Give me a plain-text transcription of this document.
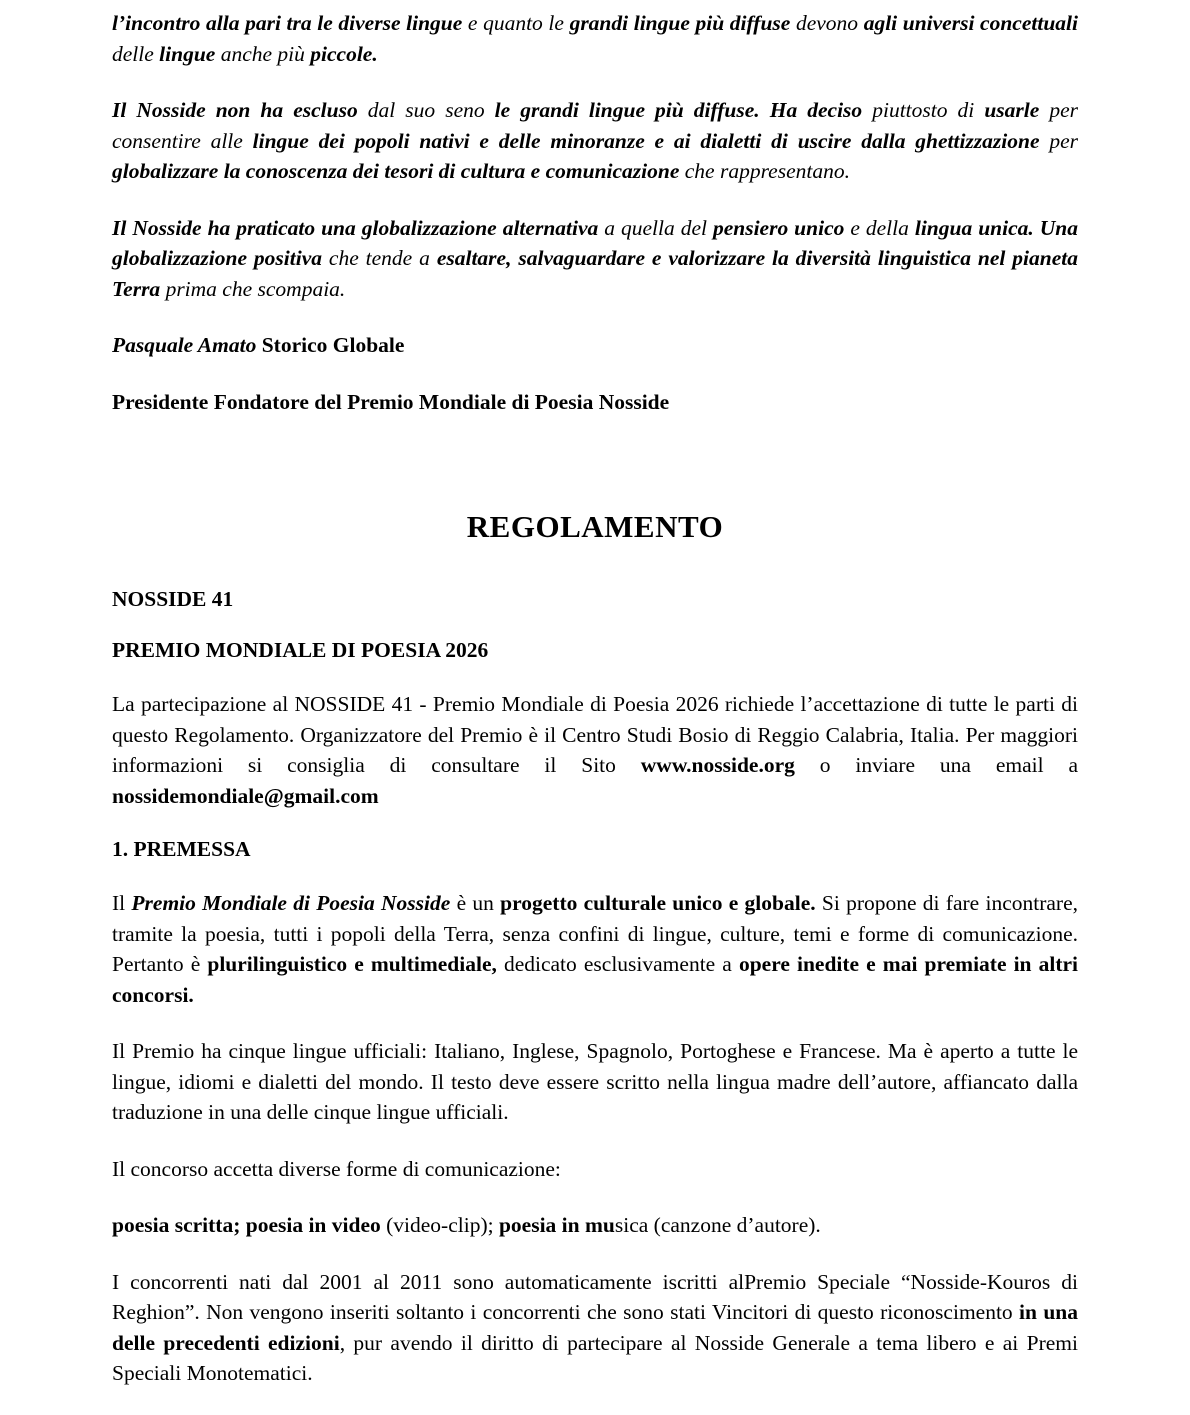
l’incontro alla pari tra le diverse lingue e quanto le grandi lingue più diffuse devono agli universi concettuali delle lingue anche più piccole.

Il Nosside non ha escluso dal suo seno le grandi lingue più diffuse. Ha deciso piuttosto di usarle per consentire alle lingue dei popoli nativi e delle minoranze e ai dialetti di uscire dalla ghettizzazione per globalizzare la conoscenza dei tesori di cultura e comunicazione che rappresentano.

Il Nosside ha praticato una globalizzazione alternativa a quella del pensiero unico e della lingua unica. Una globalizzazione positiva che tende a esaltare, salvaguardare e valorizzare la diversità linguistica nel pianeta Terra prima che scompaia.

Pasquale Amato Storico Globale

Presidente Fondatore del Premio Mondiale di Poesia Nosside

REGOLAMENTO
NOSSIDE 41
PREMIO MONDIALE DI POESIA 2026

La partecipazione al NOSSIDE 41 - Premio Mondiale di Poesia 2026 richiede l’accettazione di tutte le parti di questo Regolamento. Organizzatore del Premio è il Centro Studi Bosio di Reggio Calabria, Italia. Per maggiori informazioni si consiglia di consultare il Sito www.nosside.org o inviare una email a nossidemondiale@gmail.com

1. PREMESSA

Il Premio Mondiale di Poesia Nosside è un progetto culturale unico e globale. Si propone di fare incontrare, tramite la poesia, tutti i popoli della Terra, senza confini di lingue, culture, temi e forme di comunicazione. Pertanto è plurilinguistico e multimediale, dedicato esclusivamente a opere inedite e mai premiate in altri concorsi.

Il Premio ha cinque lingue ufficiali: Italiano, Inglese, Spagnolo, Portoghese e Francese. Ma è aperto a tutte le lingue, idiomi e dialetti del mondo. Il testo deve essere scritto nella lingua madre dell’autore, affiancato dalla traduzione in una delle cinque lingue ufficiali.

Il concorso accetta diverse forme di comunicazione:

poesia scritta; poesia in video (video-clip); poesia in musica (canzone d’autore).

I concorrenti nati dal 2001 al 2011 sono automaticamente iscritti alPremio Speciale “Nosside-Kouros di Reghion”. Non vengono inseriti soltanto i concorrenti che sono stati Vincitori di questo riconoscimento in una delle precedenti edizioni, pur avendo il diritto di partecipare al Nosside Generale a tema libero e ai Premi Speciali Monotematici.
